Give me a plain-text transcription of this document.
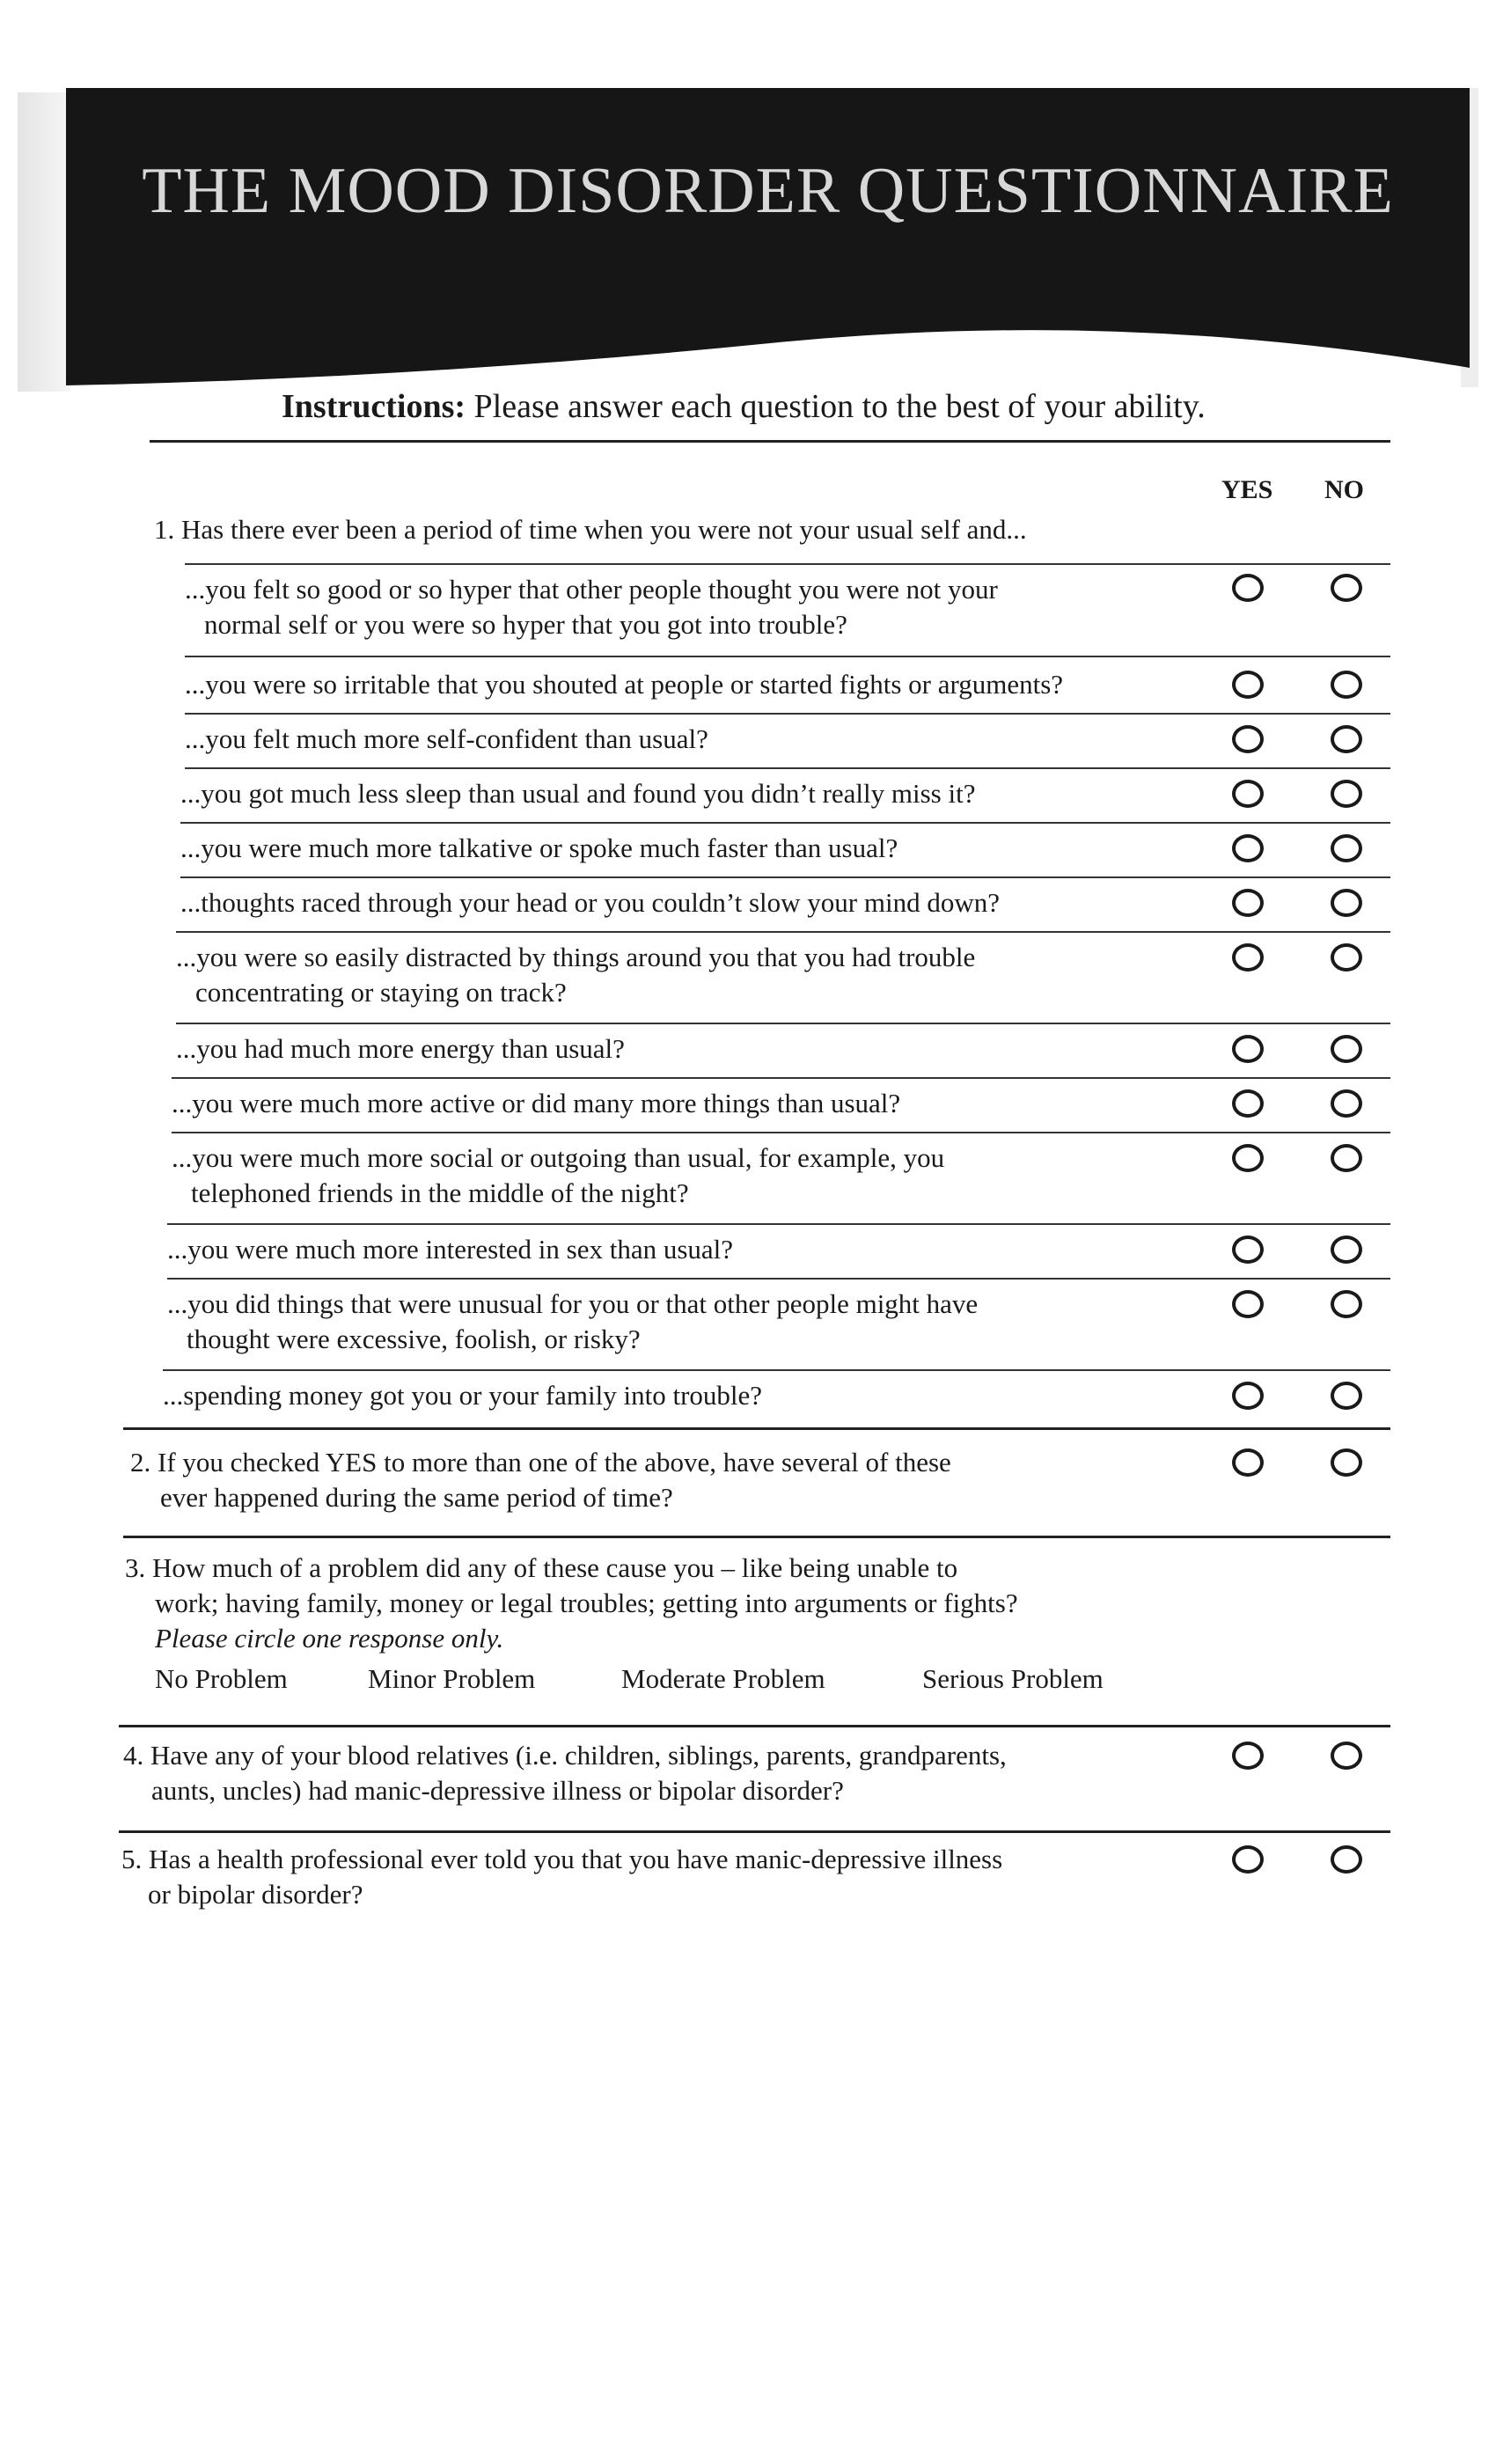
THE MOOD DISORDER QUESTIONNAIRE
Instructions: Please answer each question to the best of your ability.
YES NO
1. Has there ever been a period of time when you were not your usual self and...
...you felt so good or so hyper that other people thought you were not your
normal self or you were so hyper that you got into trouble?
...you were so irritable that you shouted at people or started fights or arguments?
...you felt much more self-confident than usual?
...you got much less sleep than usual and found you didn’t really miss it?
...you were much more talkative or spoke much faster than usual?
...thoughts raced through your head or you couldn’t slow your mind down?
...you were so easily distracted by things around you that you had trouble
concentrating or staying on track?
...you had much more energy than usual?
...you were much more active or did many more things than usual?
...you were much more social or outgoing than usual, for example, you
telephoned friends in the middle of the night?
...you were much more interested in sex than usual?
...you did things that were unusual for you or that other people might have
thought were excessive, foolish, or risky?
...spending money got you or your family into trouble?
2. If you checked YES to more than one of the above, have several of these
ever happened during the same period of time?
3. How much of a problem did any of these cause you – like being unable to
work; having family, money or legal troubles; getting into arguments or fights?
Please circle one response only.
No Problem	Minor Problem	Moderate Problem	Serious Problem
4. Have any of your blood relatives (i.e. children, siblings, parents, grandparents,
aunts, uncles) had manic-depressive illness or bipolar disorder?
5. Has a health professional ever told you that you have manic-depressive illness
or bipolar disorder?
